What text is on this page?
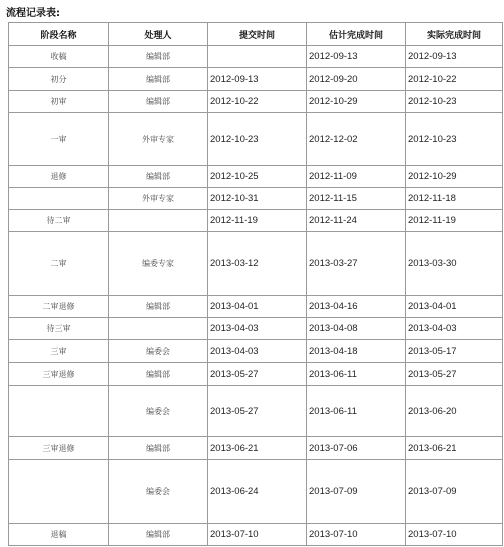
流程记录表:
阶段名称	处理人	提交时间	估计完成时间	实际完成时间
收稿	编辑部		2012-09-13	2012-09-13
初分	编辑部	2012-09-13	2012-09-20	2012-10-22
初审	编辑部	2012-10-22	2012-10-29	2012-10-23
一审	外审专家	2012-10-23	2012-12-02	2012-10-23
退修	编辑部	2012-10-25	2012-11-09	2012-10-29
	外审专家	2012-10-31	2012-11-15	2012-11-18
待二审		2012-11-19	2012-11-24	2012-11-19
二审	编委专家	2013-03-12	2013-03-27	2013-03-30
二审退修	编辑部	2013-04-01	2013-04-16	2013-04-01
待三审		2013-04-03	2013-04-08	2013-04-03
三审	编委会	2013-04-03	2013-04-18	2013-05-17
三审退修	编辑部	2013-05-27	2013-06-11	2013-05-27
	编委会	2013-05-27	2013-06-11	2013-06-20
三审退修	编辑部	2013-06-21	2013-07-06	2013-06-21
	编委会	2013-06-24	2013-07-09	2013-07-09
退稿	编辑部	2013-07-10	2013-07-10	2013-07-10
